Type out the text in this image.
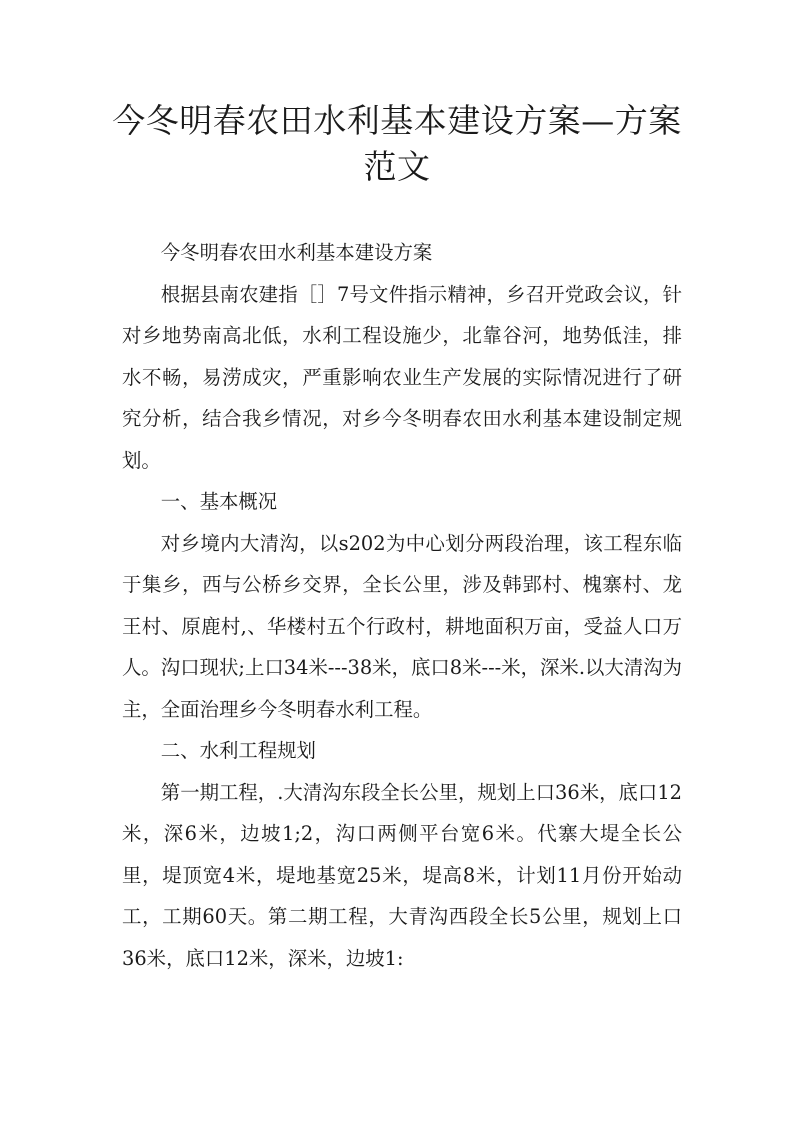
今冬明春农田水利基本建设方案—方案范文

今冬明春农田水利基本建设方案

根据县南农建指［］7号文件指示精神，乡召开党政会议，针对乡地势南高北低，水利工程设施少，北靠谷河，地势低洼，排水不畅，易涝成灾，严重影响农业生产发展的实际情况进行了研究分析，结合我乡情况，对乡今冬明春农田水利基本建设制定规划。

一、基本概况

对乡境内大清沟，以s202为中心划分两段治理，该工程东临于集乡，西与公桥乡交界，全长公里，涉及韩郢村、槐寨村、龙王村、原鹿村,、华楼村五个行政村，耕地面积万亩，受益人口万人。沟口现状;上口34米---38米，底口8米---米，深米.以大清沟为主，全面治理乡今冬明春水利工程。

二、水利工程规划

第一期工程，.大清沟东段全长公里，规划上口36米，底口12米，深6米，边坡1;2，沟口两侧平台宽6米。代寨大堤全长公里，堤顶宽4米，堤地基宽25米，堤高8米，计划11月份开始动工，工期60天。第二期工程，大青沟西段全长5公里，规划上口36米，底口12米，深米，边坡1:
